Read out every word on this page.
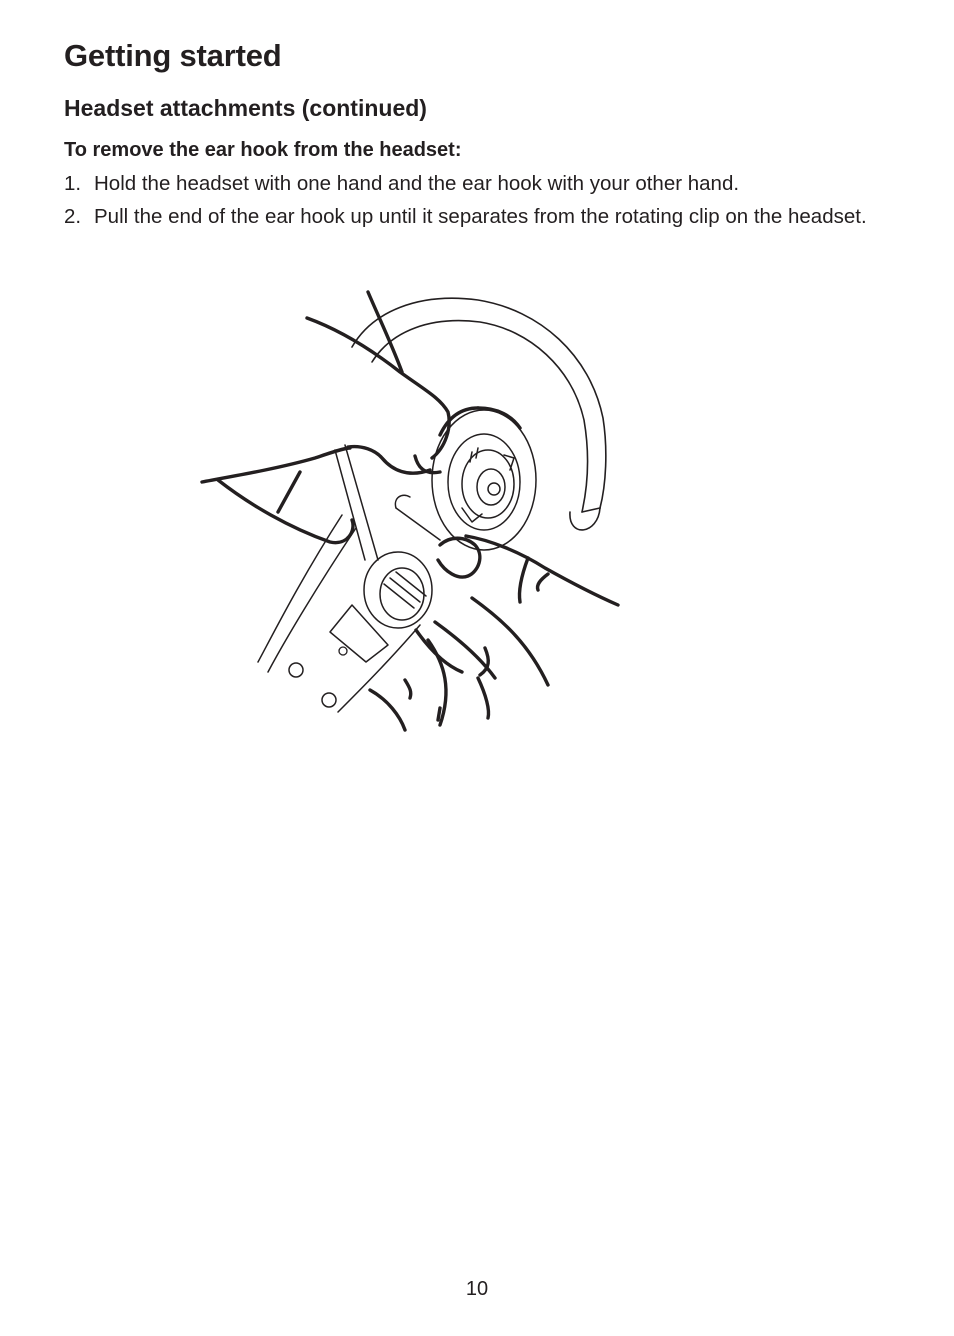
Getting started
Headset attachments (continued)
To remove the ear hook from the headset:
1. Hold the headset with one hand and the ear hook with your other hand.
2. Pull the end of the ear hook up until it separates from the rotating clip on the headset.
10
